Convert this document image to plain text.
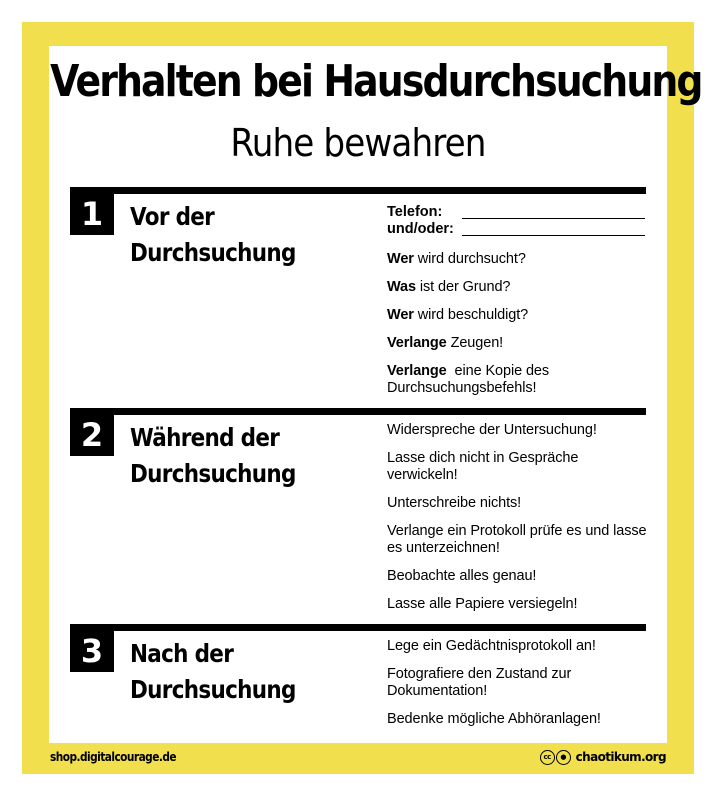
Verhalten bei Hausdurchsuchung
Ruhe bewahren
1	Vor der
Durchsuchung
Telefon:
und/oder:
Wer wird durchsucht?
Was ist der Grund?
Wer wird beschuldigt?
Verlange Zeugen!
Verlange  eine Kopie des Durchsuchungsbefehls!
2	Während der
Durchsuchung
Widerspreche der Untersuchung!
Lasse dich nicht in Gespräche verwickeln!
Unterschreibe nichts!
Verlange ein Protokoll prüfe es und lasse es unterzeichnen!
Beobachte alles genau!
Lasse alle Papiere versiegeln!
3	Nach der
Durchsuchung
Lege ein Gedächtnisprotokoll an!
Fotografiere den Zustand zur Dokumentation!
Bedenke mögliche Abhöranlagen!
shop.digitalcourage.de	cc	● chaotikum.org
